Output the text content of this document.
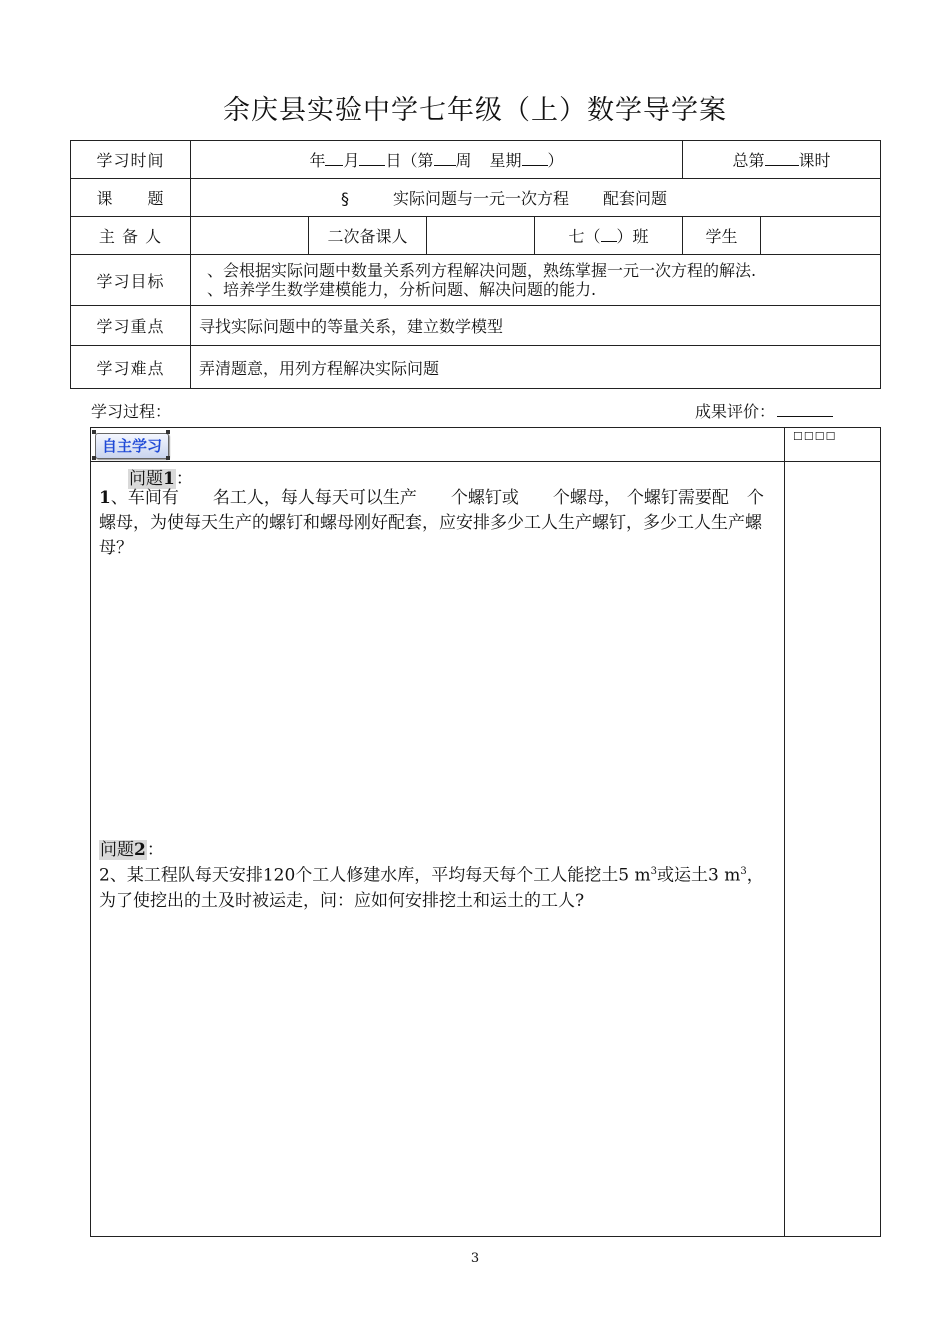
余庆县实验中学七年级（上）数学导学案
学习时间	年 月 日（第 周 星期 ）				总第 课时	
课　　题	§ 实际问题与一元一次方程 配套问题					
主 备 人		二次备课人		七（ ）班	学生	
学习目标	、会根据实际问题中数量关系列方程解决问题，熟练掌握一元一次方程的解法.
、培养学生数学建模能力，分析问题、解决问题的能力.					

学习重点	寻找实际问题中的等量关系，建立数学模型					
学习难点	弄清题意，用列方程解决实际问题					
学习过程：	成果评价：
自主学习
☐☐☐☐
问题1：
1、车间有 名工人，每人每天可以生产 个螺钉或 个螺母， 个螺钉需要配 个螺母，为使每天生产的螺钉和螺母刚好配套，应安排多少工人生产螺钉，多少工人生产螺母？
问题2：
2、某工程队每天安排120个工人修建水库，平均每天每个工人能挖土5 $m^3$或运土3 $m^3$，为了使挖出的土及时被运走，问：应如何安排挖土和运土的工人?
3
